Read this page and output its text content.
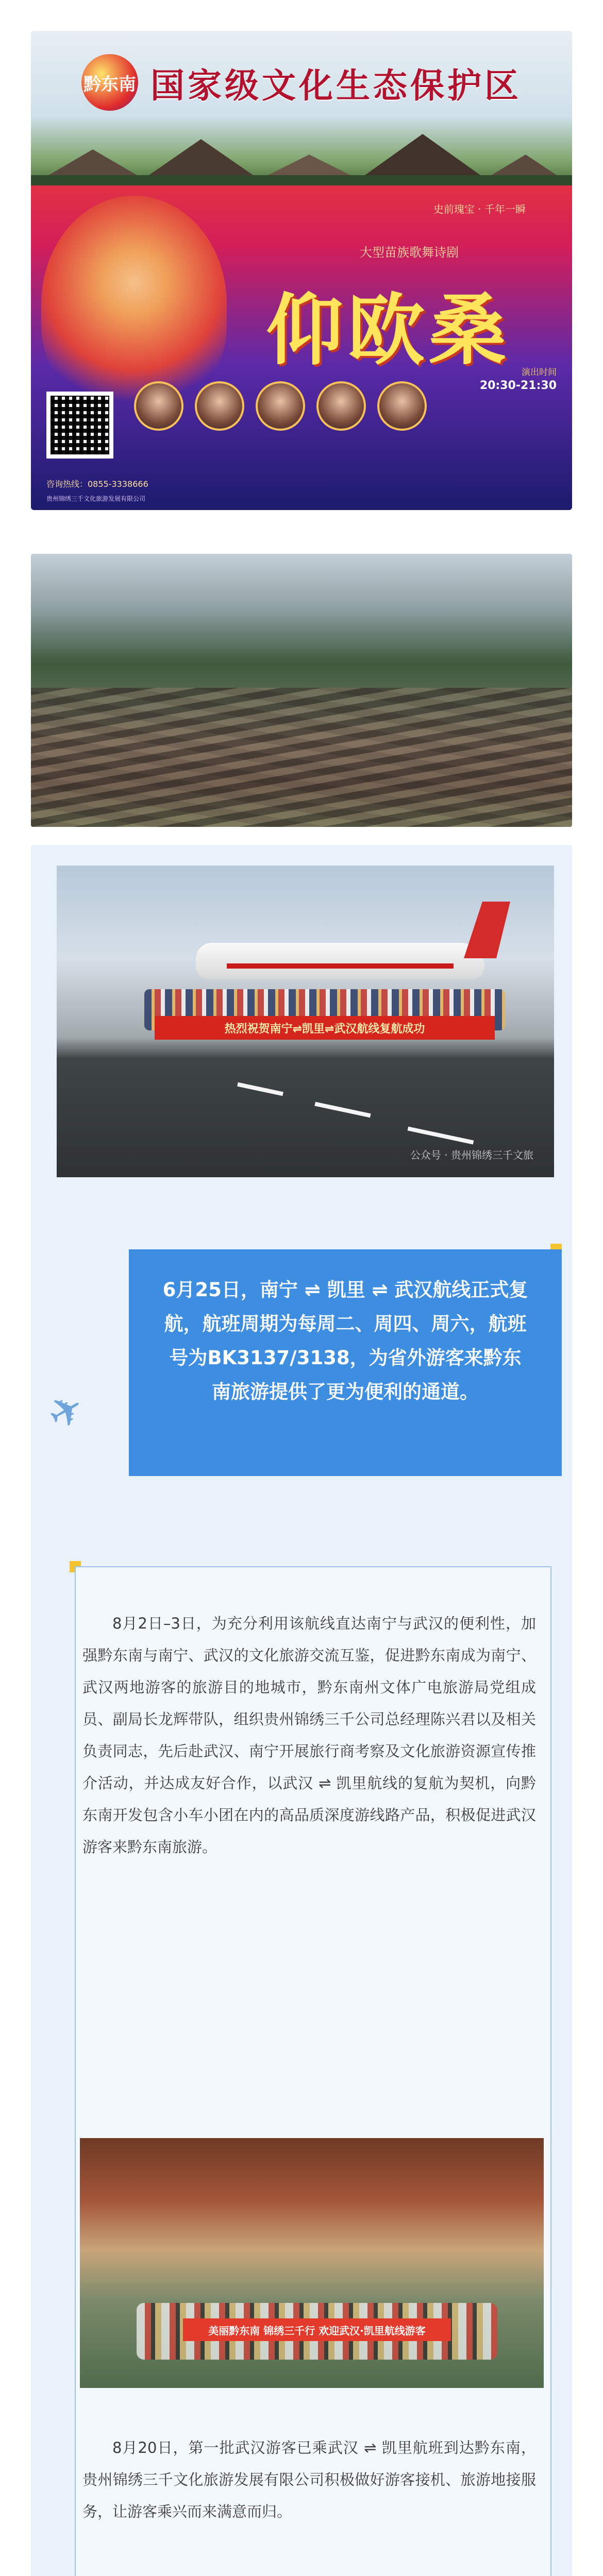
黔东南 国家级文化生态保护区
史前瑰宝 · 千年一瞬
大型苗族歌舞诗剧
仰欧桑	演出时间
20:30-21:30
咨询热线：0855-3338666
贵州锦绣三千文化旅游发展有限公司
热烈祝贺南宁⇌凯里⇌武汉航线复航成功
公众号 · 贵州锦绣三千文旅
6月25日，南宁 ⇌ 凯里 ⇌ 武汉航线正式复航，航班周期为每周二、周四、周六，航班号为BK3137/3138，为省外游客来黔东南旅游提供了更为便利的通道。
✈
8月2日–3日，为充分利用该航线直达南宁与武汉的便利性，加强黔东南与南宁、武汉的文化旅游交流互鉴，促进黔东南成为南宁、武汉两地游客的旅游目的地城市，黔东南州文体广电旅游局党组成员、副局长龙辉带队，组织贵州锦绣三千公司总经理陈兴君以及相关负责同志，先后赴武汉、南宁开展旅行商考察及文化旅游资源宣传推介活动，并达成友好合作，以武汉 ⇌ 凯里航线的复航为契机，向黔东南开发包含小车小团在内的高品质深度游线路产品，积极促进武汉游客来黔东南旅游。
美丽黔东南 锦绣三千行 欢迎武汉·凯里航线游客
8月20日，第一批武汉游客已乘武汉 ⇌ 凯里航班到达黔东南，贵州锦绣三千文化旅游发展有限公司积极做好游客接机、旅游地接服务，让游客乘兴而来满意而归。
